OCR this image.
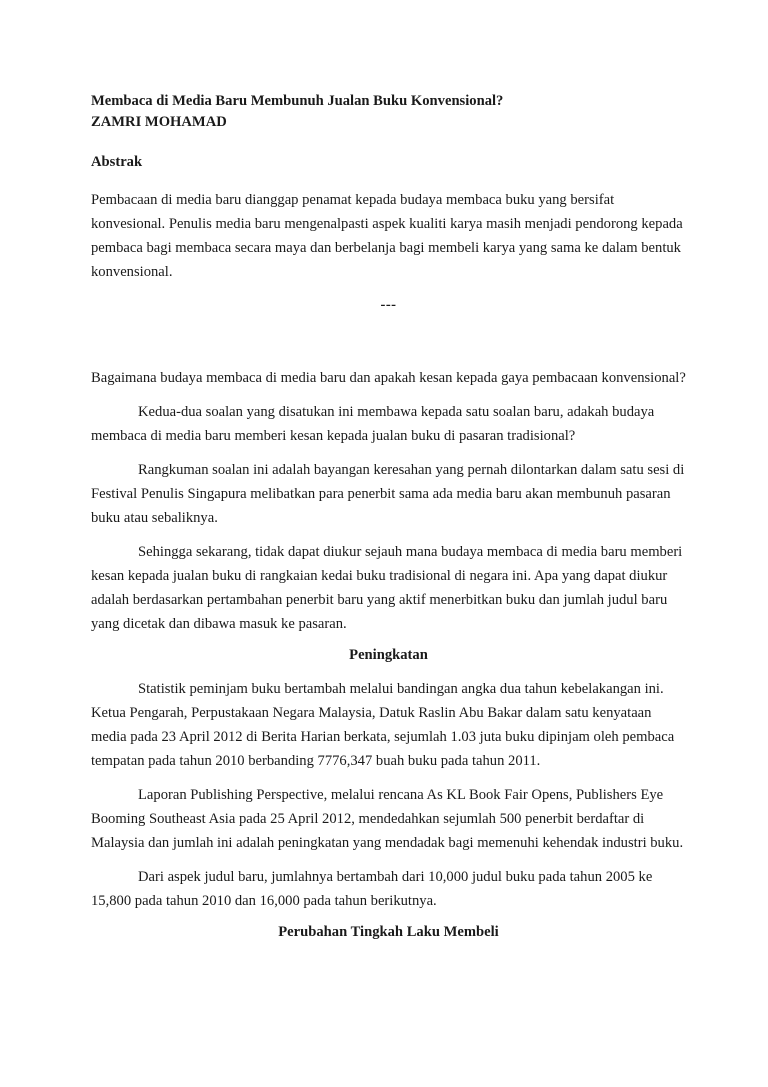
Membaca di Media Baru Membunuh Jualan Buku Konvensional?
ZAMRI MOHAMAD
Abstrak
Pembacaan di media baru dianggap penamat kepada budaya membaca buku yang bersifat konvesional. Penulis media baru mengenalpasti aspek kualiti karya masih menjadi pendorong kepada pembaca bagi membaca secara maya dan berbelanja bagi membeli karya yang sama ke dalam bentuk konvensional.
---
Bagaimana budaya membaca di media baru dan apakah kesan kepada gaya pembacaan konvensional?
Kedua-dua soalan yang disatukan ini membawa kepada satu soalan baru, adakah budaya membaca di media baru memberi kesan kepada jualan buku di pasaran tradisional?
Rangkuman soalan ini adalah bayangan keresahan yang pernah dilontarkan dalam satu sesi di Festival Penulis Singapura melibatkan para penerbit sama ada media baru akan membunuh pasaran buku atau sebaliknya.
Sehingga sekarang, tidak dapat diukur sejauh mana budaya membaca di media baru memberi kesan kepada jualan buku di rangkaian kedai buku tradisional di negara ini. Apa yang dapat diukur adalah berdasarkan pertambahan penerbit baru yang aktif menerbitkan buku dan jumlah judul baru yang dicetak dan dibawa masuk ke pasaran.
Peningkatan
Statistik peminjam buku bertambah melalui bandingan angka dua tahun kebelakangan ini. Ketua Pengarah, Perpustakaan Negara Malaysia, Datuk Raslin Abu Bakar dalam satu kenyataan media pada 23 April 2012 di Berita Harian berkata, sejumlah 1.03 juta buku dipinjam oleh pembaca tempatan pada tahun 2010 berbanding 7776,347 buah buku pada tahun 2011.
Laporan Publishing Perspective, melalui rencana As KL Book Fair Opens, Publishers Eye Booming Southeast Asia pada 25 April 2012, mendedahkan sejumlah 500 penerbit berdaftar di Malaysia dan jumlah ini adalah peningkatan yang mendadak bagi memenuhi kehendak industri buku.
Dari aspek judul baru, jumlahnya bertambah dari 10,000 judul buku pada tahun 2005 ke 15,800 pada tahun 2010 dan 16,000 pada tahun berikutnya.
Perubahan Tingkah Laku Membeli
